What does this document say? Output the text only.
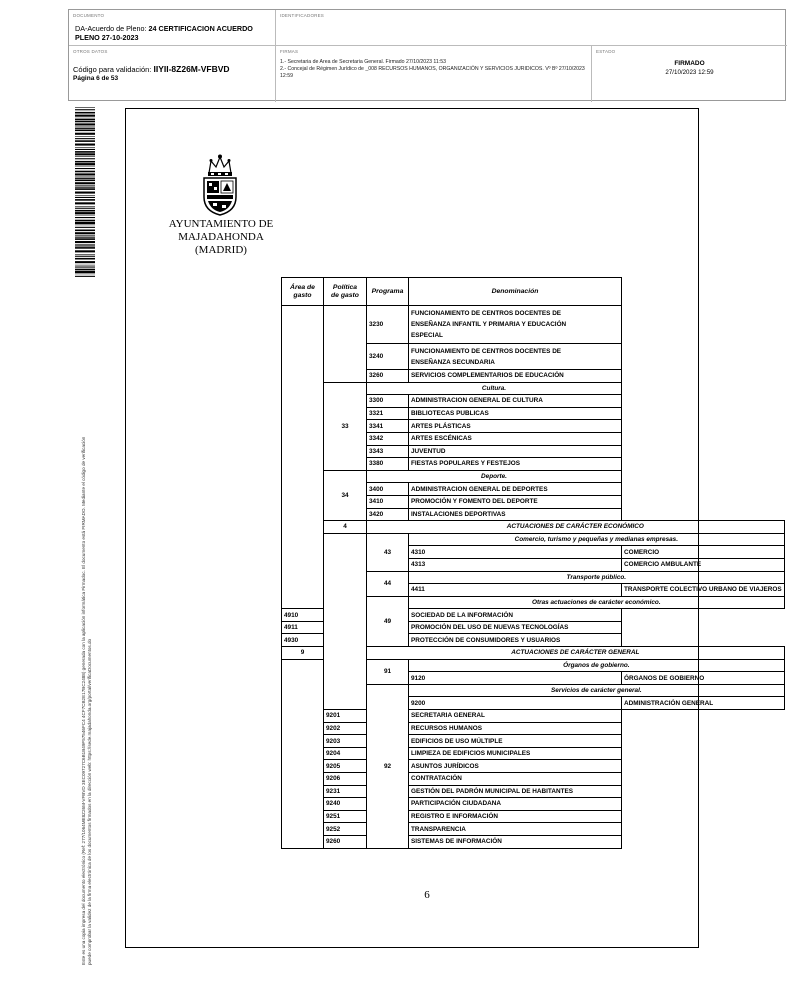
DOCUMENTO
DA-Acuerdo de Pleno: 24 CERTIFICACION ACUERDO PLENO 27-10-2023
IDENTIFICADORES
OTROS DATOS
Código para validación: IIYII-8Z26M-VFBVD
Página 6 de 53
FIRMAS
1.- Secretaria de Area de Secretaria General. Firmado 27/10/2023 11:53
2.- Concejal de Régimen Jurídico de _008 RECURSOS HUMANOS, ORGANIZACIÓN Y SERVICIOS JURIDICOS. Vº Bº 27/10/2023 12:59
ESTADO
FIRMADO
27/10/2023 12:59
Este es una copia impresa del documento electrónico (Ref: 277/1064ME8Z26M-VFBVD 3EC09727C6B1B49F57546FC4 4CF7CB2E17BC2488) generada con la aplicación informática Firmadoc. El documento está FIRMADO. Mediante el código de verificación puede comprobar la validez de la firma electrónica de los documentos firmados en la dirección web: https://sede.majadahonda.org/portal/verificaDocumentos.do
AYUNTAMIENTO DE
MAJADAHONDA
(MADRID)
Área de
gasto	Política
de gasto	Programa	Denominación	
		3230	FUNCIONAMIENTO DE CENTROS DOCENTES DE
ENSEÑANZA INFANTIL Y PRIMARIA Y EDUCACIÓN
ESPECIAL	
		3240	FUNCIONAMIENTO DE CENTROS DOCENTES DE
ENSEÑANZA SECUNDARIA	
		3260	SERVICIOS COMPLEMENTARIOS DE EDUCACIÓN	
	33	Cultura.		
		3300	ADMINISTRACION GENERAL DE CULTURA	
		3321	BIBLIOTECAS PUBLICAS	
		3341	ARTES PLÁSTICAS	
		3342	ARTES ESCÉNICAS	
		3343	JUVENTUD	
		3380	FIESTAS POPULARES Y FESTEJOS	
	34	Deporte.		
		3400	ADMINISTRACION GENERAL DE DEPORTES	
		3410	PROMOCIÓN Y FOMENTO DEL DEPORTE	
		3420	INSTALACIONES DEPORTIVAS	
	4	ACTUACIONES DE CARÁCTER ECONÓMICO		
		43	Comercio, turismo y pequeñas y medianas empresas.	
			4310	COMERCIO
			4313	COMERCIO AMBULANTE
		44	Transporte público.	
			4411	TRANSPORTE COLECTIVO URBANO DE VIAJEROS
		49	Otras actuaciones de carácter económico.	
4910			SOCIEDAD DE LA INFORMACIÓN	
4911			PROMOCIÓN DEL USO DE NUEVAS TECNOLOGÍAS	
4930			PROTECCIÓN DE CONSUMIDORES Y USUARIOS	
9		ACTUACIONES DE CARÁCTER GENERAL		
		91	Órganos de gobierno.	
			9120	ÓRGANOS DE GOBIERNO
		92	Servicios de carácter general.	
			9200	ADMINISTRACIÓN GENERAL
	9201		SECRETARIA GENERAL	
	9202		RECURSOS HUMANOS	
	9203		EDIFICIOS DE USO MÚLTIPLE	
	9204		LIMPIEZA DE EDIFICIOS MUNICIPALES	
	9205		ASUNTOS JURÍDICOS	
	9206		CONTRATACIÓN	
	9231		GESTIÓN DEL PADRÓN MUNICIPAL DE HABITANTES	
	9240		PARTICIPACIÓN CIUDADANA	
	9251		REGISTRO E INFORMACIÓN	
	9252		TRANSPARENCIA	
	9260		SISTEMAS DE INFORMACIÓN	
6
